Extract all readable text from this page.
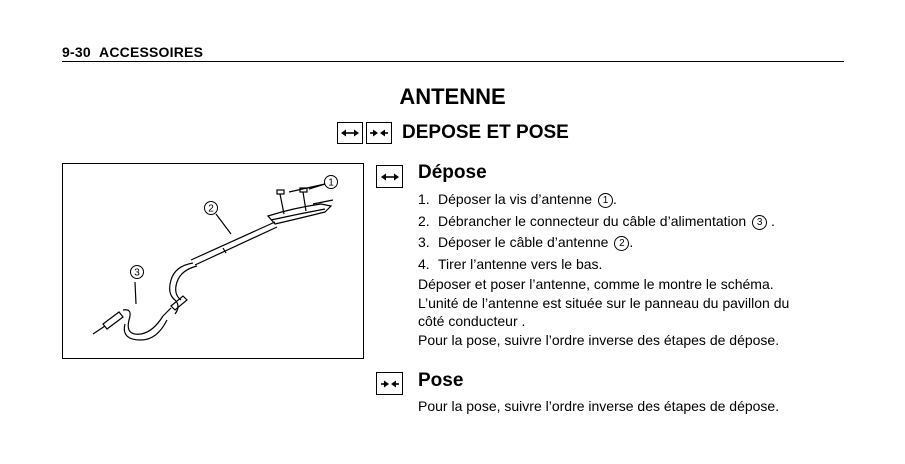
9-30 ACCESSOIRES
ANTENNE
DEPOSE ET POSE
1
2
3
Dépose
1. Déposer la vis d’antenne 1 .
2. Débrancher le connecteur du câble d’alimentation 3 .
3. Déposer le câble d’antenne 2 .
4. Tirer l’antenne vers le bas.
Déposer et poser l’antenne, comme le montre le schéma.
L’unité de l’antenne est située sur le panneau du pavillon du
côté conducteur .
Pour la pose, suivre l’ordre inverse des étapes de dépose.
Pose
Pour la pose, suivre l’ordre inverse des étapes de dépose.
